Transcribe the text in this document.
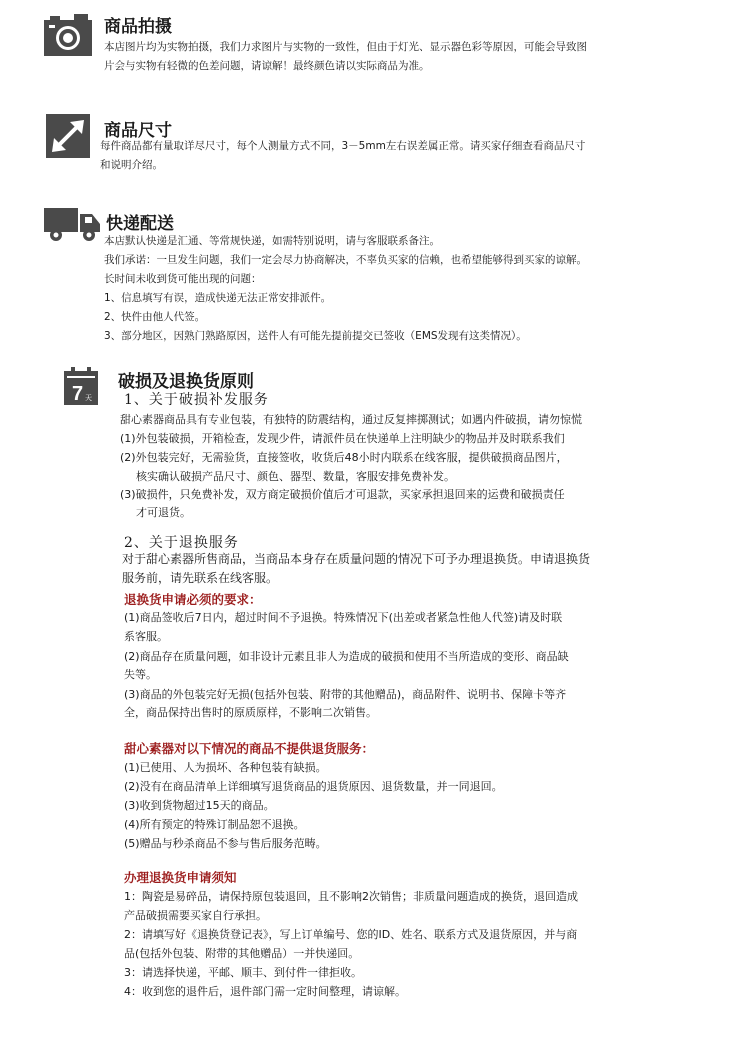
商品拍摄
本店图片均为实物拍摄，我们力求图片与实物的一致性，但由于灯光、显示器色彩等原因，可能会导致图
片会与实物有轻微的色差问题，请谅解！最终颜色请以实际商品为准。
商品尺寸
每件商品都有量取详尽尺寸，每个人测量方式不同，3－5mm左右误差属正常。请买家仔细查看商品尺寸
和说明介绍。
快递配送
本店默认快递是汇通、等常规快递，如需特别说明，请与客服联系备注。
我们承诺：一旦发生问题，我们一定会尽力协商解决，不辜负买家的信赖，也希望能够得到买家的谅解。
长时间未收到货可能出现的问题：
1、信息填写有误，造成快递无法正常安排派件。
2、快件由他人代签。
3、部分地区，因熟门熟路原因，送件人有可能先提前提交已签收（EMS发现有这类情况）。
7 天
破损及退换货原则
1、关于破损补发服务
甜心素器商品具有专业包装，有独特的防震结构，通过反复摔掷测试；如遇内件破损，请勿惊慌
(1)外包装破损，开箱检查，发现少件，请派件员在快递单上注明缺少的物品并及时联系我们
(2)外包装完好，无需验货，直接签收，收货后48小时内联系在线客服，提供破损商品图片，
核实确认破损产品尺寸、颜色、器型、数量，客服安排免费补发。
(3)破损件，只免费补发，双方商定破损价值后才可退款，买家承担退回来的运费和破损责任
才可退货。
2、关于退换服务
对于甜心素器所售商品，当商品本身存在质量问题的情况下可予办理退换货。申请退换货
服务前，请先联系在线客服。
退换货申请必须的要求：
(1)商品签收后7日内，超过时间不予退换。特殊情况下(出差或者紧急性他人代签)请及时联
系客服。
(2)商品存在质量问题，如非设计元素且非人为造成的破损和使用不当所造成的变形、商品缺
失等。
(3)商品的外包装完好无损(包括外包装、附带的其他赠品)，商品附件、说明书、保障卡等齐
全，商品保持出售时的原质原样，不影响二次销售。
甜心素器对以下情况的商品不提供退货服务：
(1)已使用、人为损坏、各种包装有缺损。
(2)没有在商品清单上详细填写退货商品的退货原因、退货数量，并一同退回。
(3)收到货物超过15天的商品。
(4)所有预定的特殊订制品恕不退换。
(5)赠品与秒杀商品不参与售后服务范畴。
办理退换货申请须知
1：陶瓷是易碎品，请保持原包装退回，且不影响2次销售；非质量问题造成的换货，退回造成
产品破损需要买家自行承担。
2：请填写好《退换货登记表》，写上订单编号、您的ID、姓名、联系方式及退货原因，并与商
品(包括外包装、附带的其他赠品）一并快递回。
3：请选择快递，平邮、顺丰、到付件一律拒收。
4：收到您的退件后，退件部门需一定时间整理，请谅解。
